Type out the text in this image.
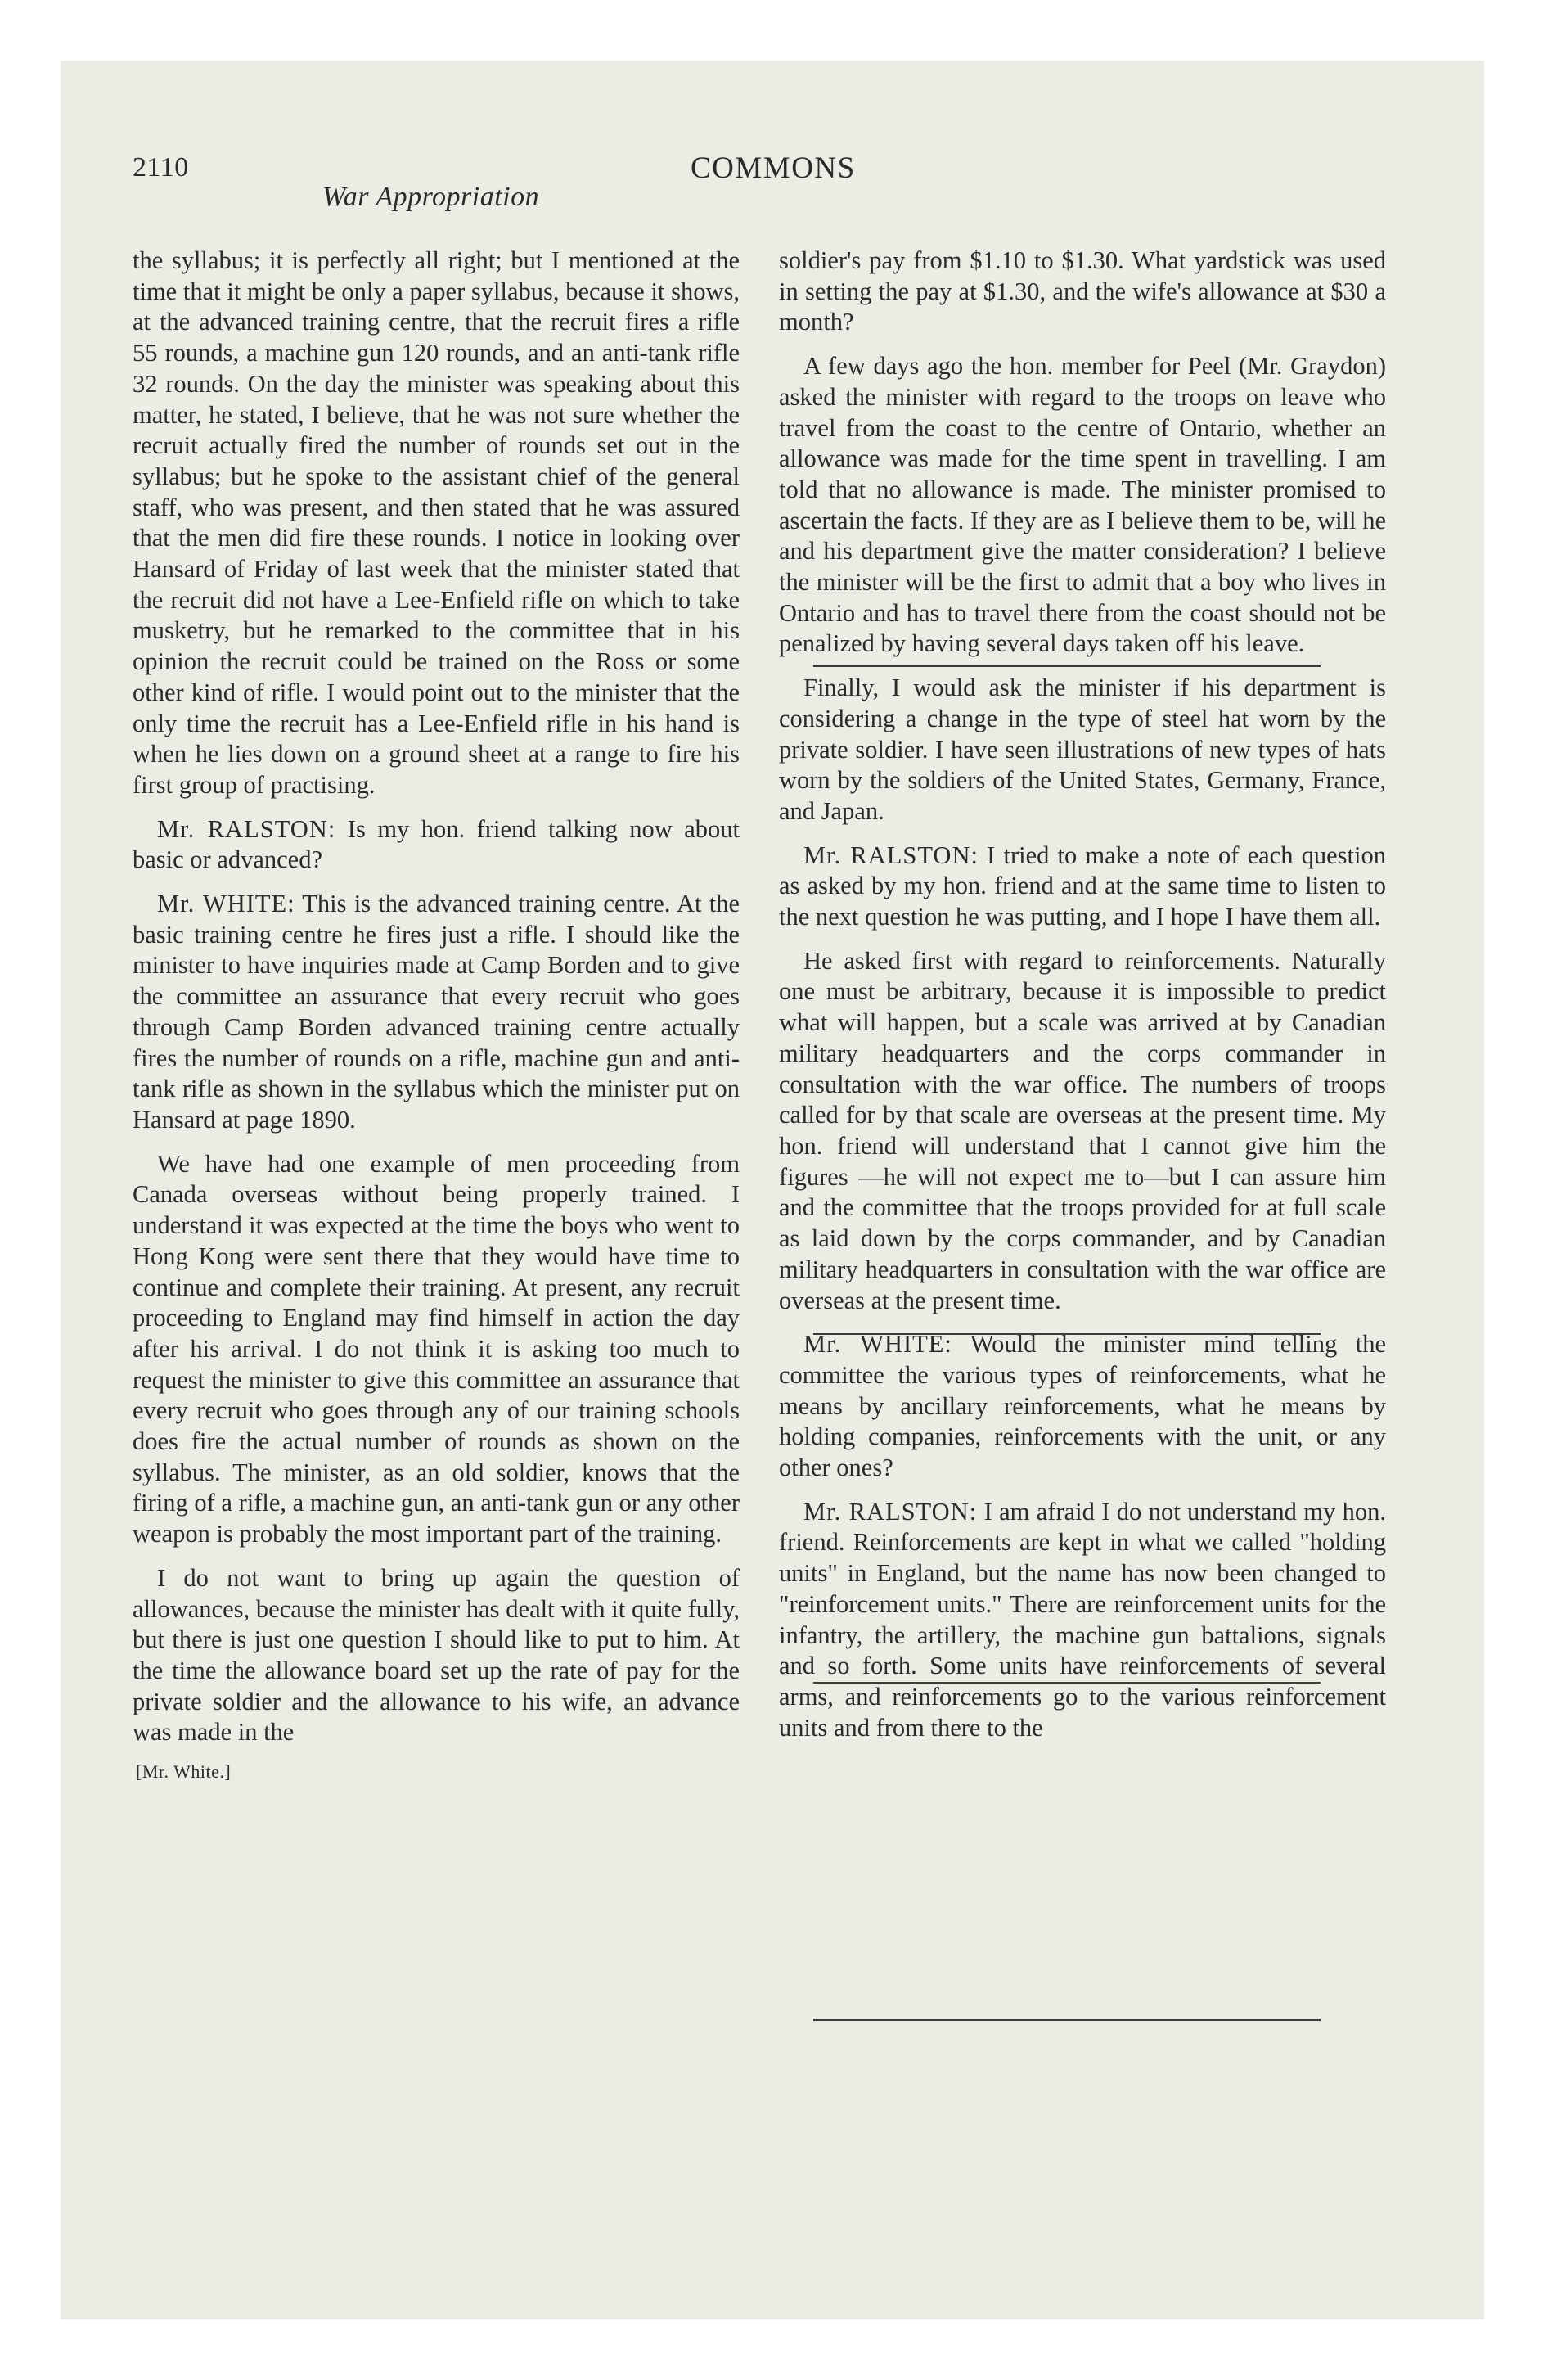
2110	COMMONS
War Appropriation

the syllabus; it is perfectly all right; but I mentioned at the time that it might be only a paper syllabus, because it shows, at the advanced training centre, that the recruit fires a rifle 55 rounds, a machine gun 120 rounds, and an anti-tank rifle 32 rounds. On the day the minister was speaking about this matter, he stated, I believe, that he was not sure whether the recruit actually fired the number of rounds set out in the syllabus; but he spoke to the assistant chief of the general staff, who was present, and then stated that he was assured that the men did fire these rounds. I notice in looking over Hansard of Friday of last week that the minister stated that the recruit did not have a Lee-Enfield rifle on which to take musketry, but he remarked to the committee that in his opinion the recruit could be trained on the Ross or some other kind of rifle. I would point out to the minister that the only time the recruit has a Lee-Enfield rifle in his hand is when he lies down on a ground sheet at a range to fire his first group of practising.

Mr. RALSTON: Is my hon. friend talking now about basic or advanced?

Mr. WHITE: This is the advanced training centre. At the basic training centre he fires just a rifle. I should like the minister to have inquiries made at Camp Borden and to give the committee an assurance that every recruit who goes through Camp Borden advanced training centre actually fires the number of rounds on a rifle, machine gun and anti-tank rifle as shown in the syllabus which the minister put on Hansard at page 1890.

We have had one example of men proceeding from Canada overseas without being properly trained. I understand it was expected at the time the boys who went to Hong Kong were sent there that they would have time to continue and complete their training. At present, any recruit proceeding to England may find himself in action the day after his arrival. I do not think it is asking too much to request the minister to give this committee an assurance that every recruit who goes through any of our training schools does fire the actual number of rounds as shown on the syllabus. The minister, as an old soldier, knows that the firing of a rifle, a machine gun, an anti-tank gun or any other weapon is probably the most important part of the training.

I do not want to bring up again the question of allowances, because the minister has dealt with it quite fully, but there is just one question I should like to put to him. At the time the allowance board set up the rate of pay for the private soldier and the allowance to his wife, an advance was made in the

[Mr. White.]

soldier's pay from $1.10 to $1.30. What yardstick was used in setting the pay at $1.30, and the wife's allowance at $30 a month?

A few days ago the hon. member for Peel (Mr. Graydon) asked the minister with regard to the troops on leave who travel from the coast to the centre of Ontario, whether an allowance was made for the time spent in travelling. I am told that no allowance is made. The minister promised to ascertain the facts. If they are as I believe them to be, will he and his department give the matter consideration? I believe the minister will be the first to admit that a boy who lives in Ontario and has to travel there from the coast should not be penalized by having several days taken off his leave.

Finally, I would ask the minister if his department is considering a change in the type of steel hat worn by the private soldier. I have seen illustrations of new types of hats worn by the soldiers of the United States, Germany, France, and Japan.

Mr. RALSTON: I tried to make a note of each question as asked by my hon. friend and at the same time to listen to the next question he was putting, and I hope I have them all.

He asked first with regard to reinforcements. Naturally one must be arbitrary, because it is impossible to predict what will happen, but a scale was arrived at by Canadian military headquarters and the corps commander in consultation with the war office. The numbers of troops called for by that scale are overseas at the present time. My hon. friend will understand that I cannot give him the figures —he will not expect me to—but I can assure him and the committee that the troops provided for at full scale as laid down by the corps commander, and by Canadian military headquarters in consultation with the war office are overseas at the present time.

Mr. WHITE: Would the minister mind telling the committee the various types of reinforcements, what he means by ancillary reinforcements, what he means by holding companies, reinforcements with the unit, or any other ones?

Mr. RALSTON: I am afraid I do not understand my hon. friend. Reinforcements are kept in what we called "holding units" in England, but the name has now been changed to "reinforcement units." There are reinforcement units for the infantry, the artillery, the machine gun battalions, signals and so forth. Some units have reinforcements of several arms, and reinforcements go to the various reinforcement units and from there to the
